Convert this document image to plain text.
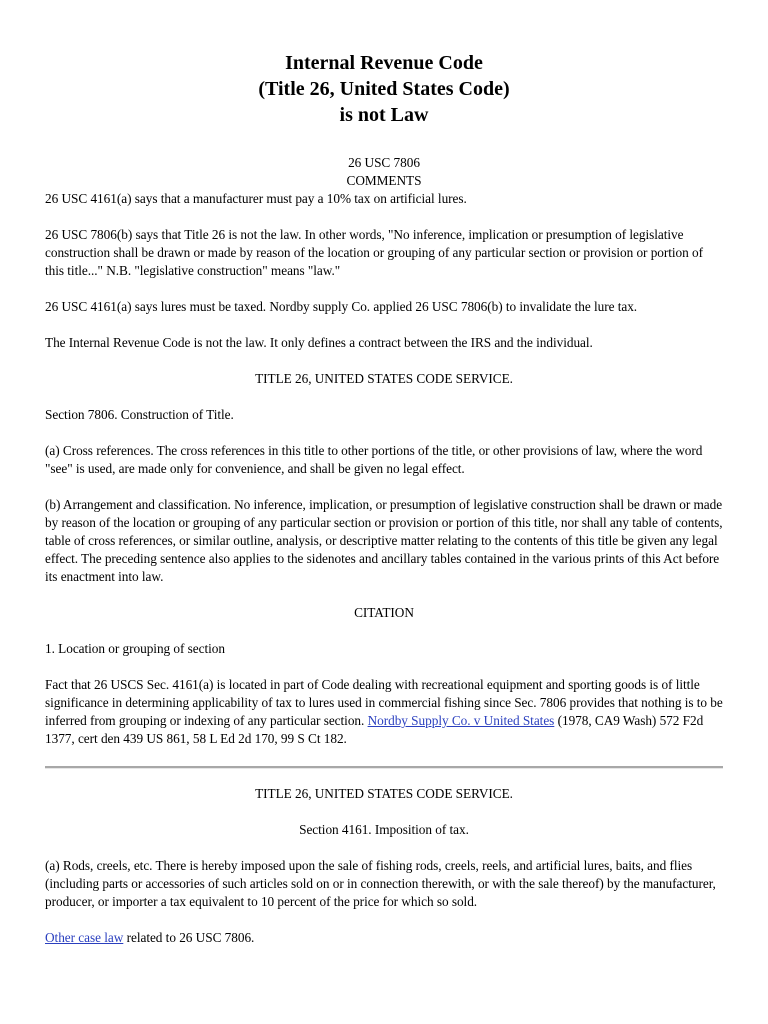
Internal Revenue Code
(Title 26, United States Code)
is not Law
26 USC 7806
COMMENTS

26 USC 4161(a) says that a manufacturer must pay a 10% tax on artificial lures.

26 USC 7806(b) says that Title 26 is not the law. In other words, "No inference, implication or presumption of legislative construction shall be drawn or made by reason of the location or grouping of any particular section or provision or portion of this title..." N.B. "legislative construction" means "law."

26 USC 4161(a) says lures must be taxed. Nordby supply Co. applied 26 USC 7806(b) to invalidate the lure tax.

The Internal Revenue Code is not the law. It only defines a contract between the IRS and the individual.

TITLE 26, UNITED STATES CODE SERVICE.

Section 7806. Construction of Title.

(a) Cross references. The cross references in this title to other portions of the title, or other provisions of law, where the word "see" is used, are made only for convenience, and shall be given no legal effect.

(b) Arrangement and classification. No inference, implication, or presumption of legislative construction shall be drawn or made by reason of the location or grouping of any particular section or provision or portion of this title, nor shall any table of contents, table of cross references, or similar outline, analysis, or descriptive matter relating to the contents of this title be given any legal effect. The preceding sentence also applies to the sidenotes and ancillary tables contained in the various prints of this Act before its enactment into law.

CITATION

1. Location or grouping of section

Fact that 26 USCS Sec. 4161(a) is located in part of Code dealing with recreational equipment and sporting goods is of little significance in determining applicability of tax to lures used in commercial fishing since Sec. 7806 provides that nothing is to be inferred from grouping or indexing of any particular section. Nordby Supply Co. v United States (1978, CA9 Wash) 572 F2d 1377, cert den 439 US 861, 58 L Ed 2d 170, 99 S Ct 182.

TITLE 26, UNITED STATES CODE SERVICE.

Section 4161. Imposition of tax.

(a) Rods, creels, etc. There is hereby imposed upon the sale of fishing rods, creels, reels, and artificial lures, baits, and flies (including parts or accessories of such articles sold on or in connection therewith, or with the sale thereof) by the manufacturer, producer, or importer a tax equivalent to 10 percent of the price for which so sold.

Other case law related to 26 USC 7806.
